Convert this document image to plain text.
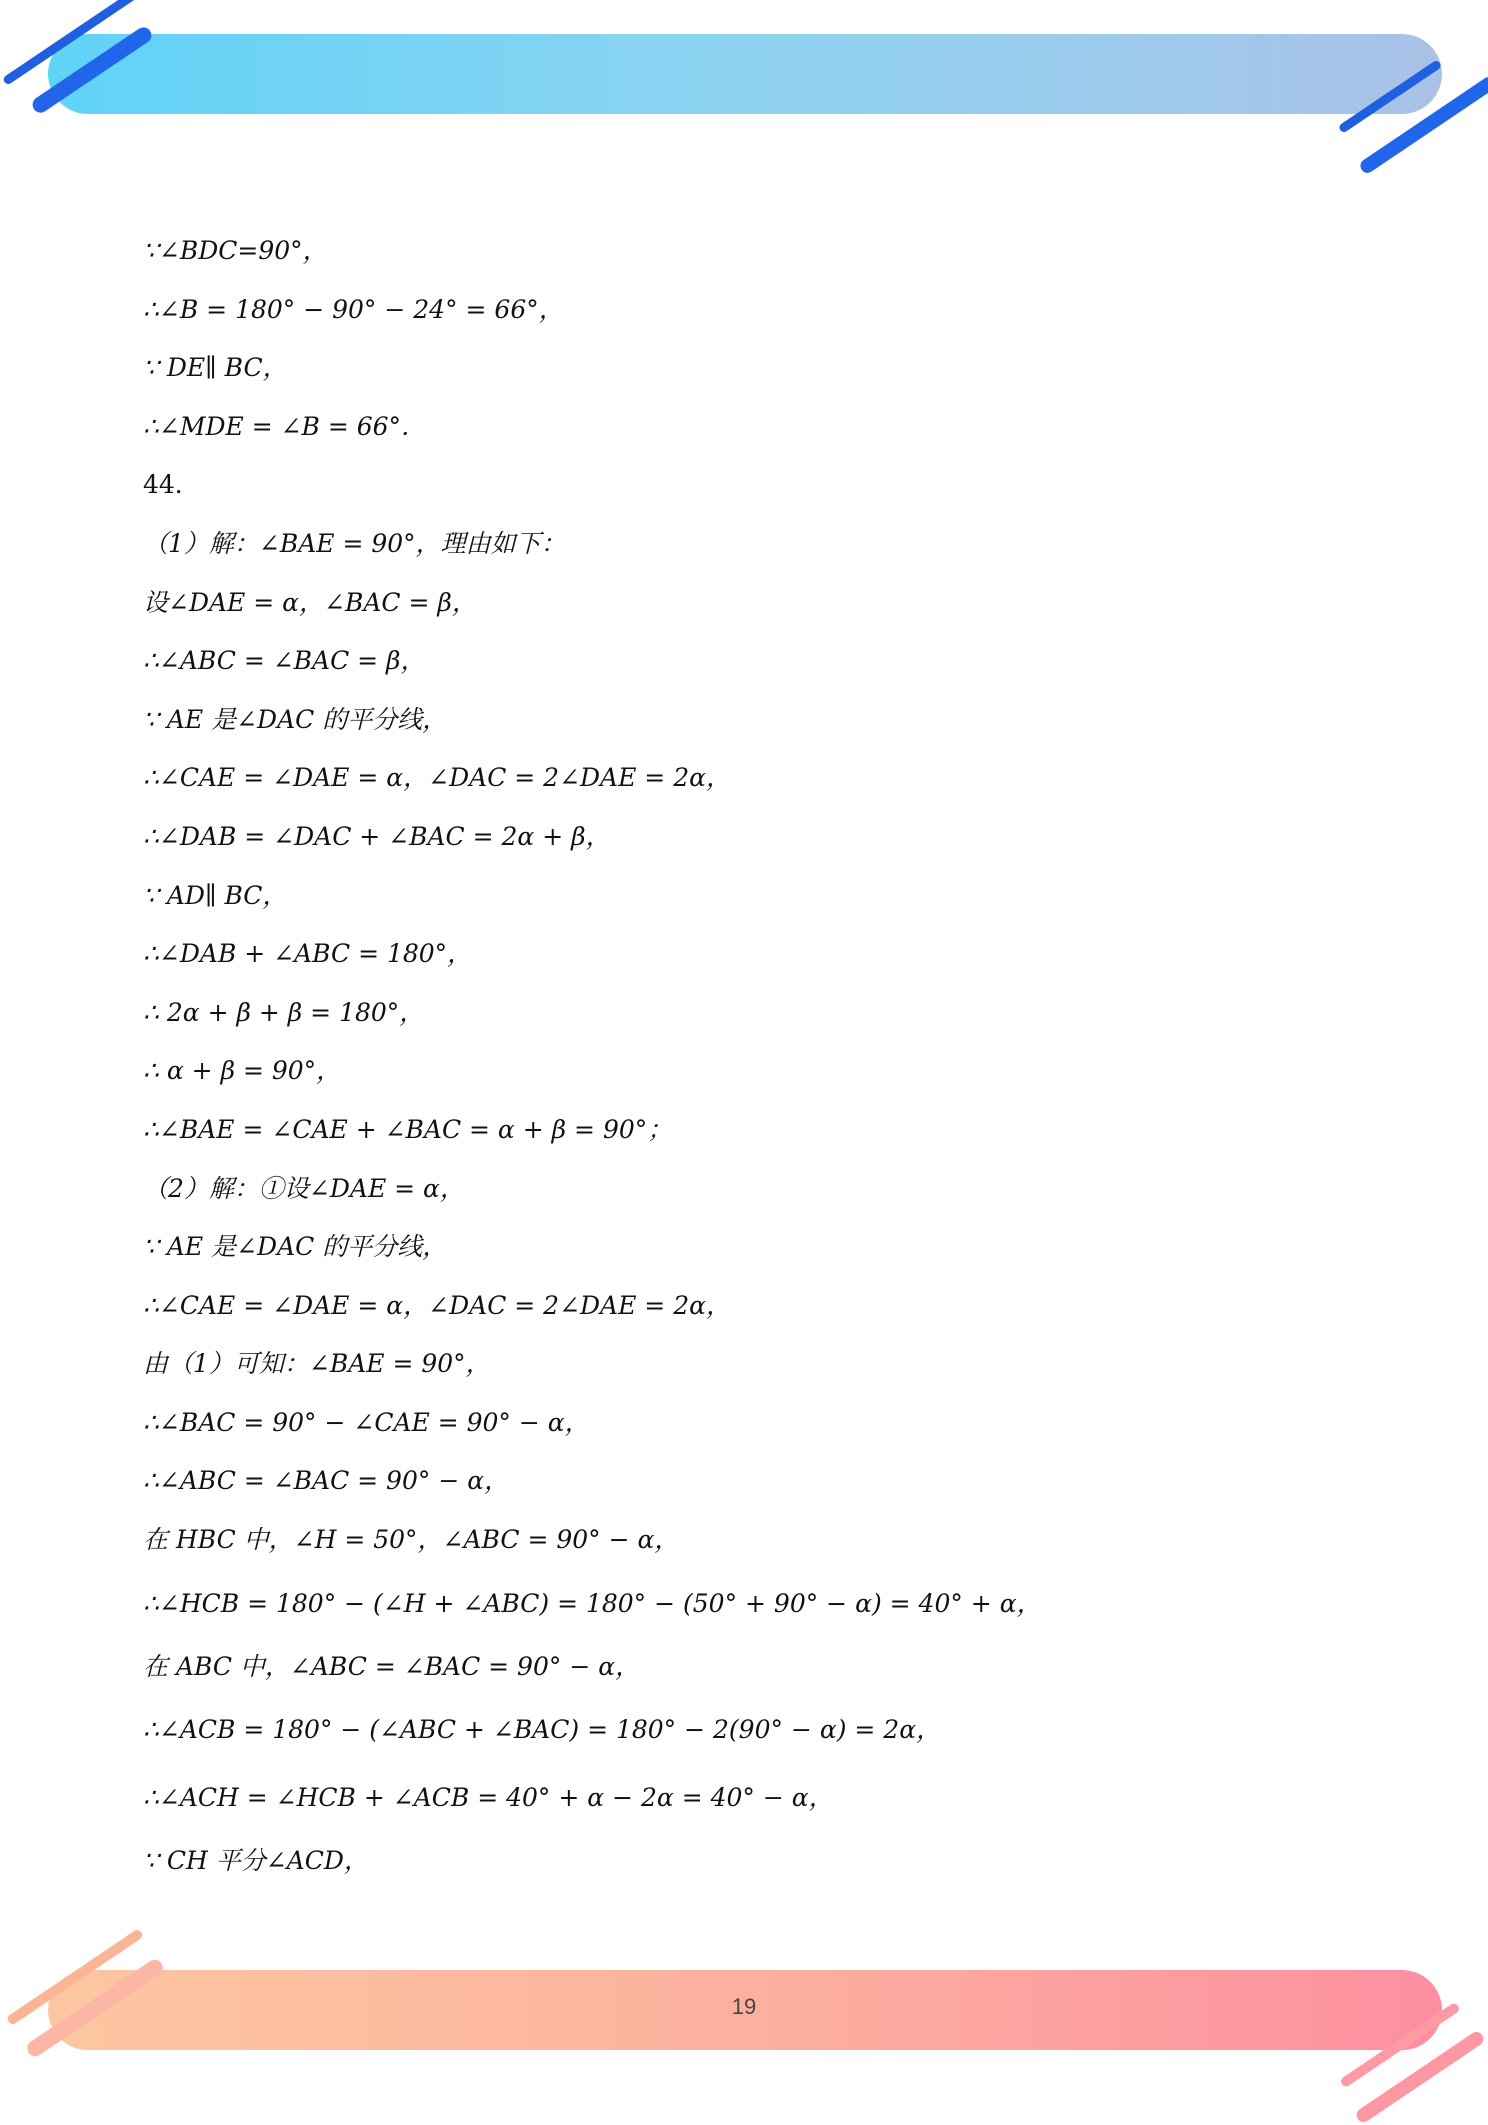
19
∵∠BDC=90°，
∴∠B = 180° − 90° − 24° = 66°，
∵ DE∥ BC，
∴∠MDE = ∠B = 66°．
44．
（1）解：∠BAE = 90°，理由如下：
设∠DAE = α，∠BAC = β，
∴∠ABC = ∠BAC = β，
∵ AE 是∠DAC 的平分线，
∴∠CAE = ∠DAE = α，∠DAC = 2∠DAE = 2α，
∴∠DAB = ∠DAC + ∠BAC = 2α + β，
∵ AD∥ BC，
∴∠DAB + ∠ABC = 180°，
∴ 2α + β + β = 180°，
∴ α + β = 90°，
∴∠BAE = ∠CAE + ∠BAC = α + β = 90°；
（2）解：①设∠DAE = α，
∵ AE 是∠DAC 的平分线，
∴∠CAE = ∠DAE = α，∠DAC = 2∠DAE = 2α，
由（1）可知：∠BAE = 90°，
∴∠BAC = 90° − ∠CAE = 90° − α，
∴∠ABC = ∠BAC = 90° − α，
在 HBC 中，∠H = 50°，∠ABC = 90° − α，
∴∠HCB = 180° − (∠H + ∠ABC) = 180° − (50° + 90° − α) = 40° + α，
在 ABC 中，∠ABC = ∠BAC = 90° − α，
∴∠ACB = 180° − (∠ABC + ∠BAC) = 180° − 2(90° − α) = 2α，
∴∠ACH = ∠HCB + ∠ACB = 40° + α − 2α = 40° − α，
∵ CH 平分∠ACD，
